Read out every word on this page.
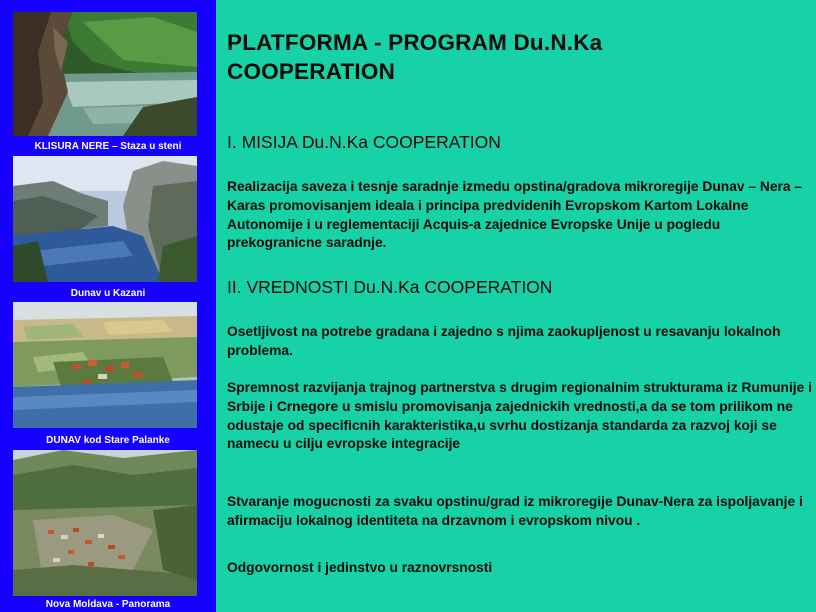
KLISURA NERE – Staza u steni
Dunav u Kazani
DUNAV kod Stare Palanke
Nova Moldava - Panorama
PLATFORMA - PROGRAM Du.N.Ka
COOPERATION
I. MISIJA Du.N.Ka COOPERATION
Realizacija saveza i tesnje saradnje izmedu opstina/gradova mikroregije Dunav – Nera – Karas promovisanjem ideala i principa predvidenih Evropskom Kartom Lokalne Autonomije i u reglementaciji Acquis-a zajednice Evropske Unije u pogledu prekogranicne saradnje.
II. VREDNOSTI Du.N.Ka COOPERATION
Osetljivost na potrebe gradana i zajedno s njima zaokupljenost u resavanju lokalnoh problema.
Spremnost razvijanja trajnog partnerstva s drugim regionalnim strukturama iz Rumunije i Srbije i Crnegore u smislu promovisanja zajednickih vrednosti,a da se tom prilikom ne odustaje od specificnih karakteristika,u svrhu dostizanja standarda za razvoj koji se namecu u cilju evropske integracije
Stvaranje mogucnosti za svaku opstinu/grad iz mikroregije Dunav-Nera za ispoljavanje i afirmaciju lokalnog identiteta na drzavnom i evropskom nivou .
Odgovornost i jedinstvo u raznovrsnosti
